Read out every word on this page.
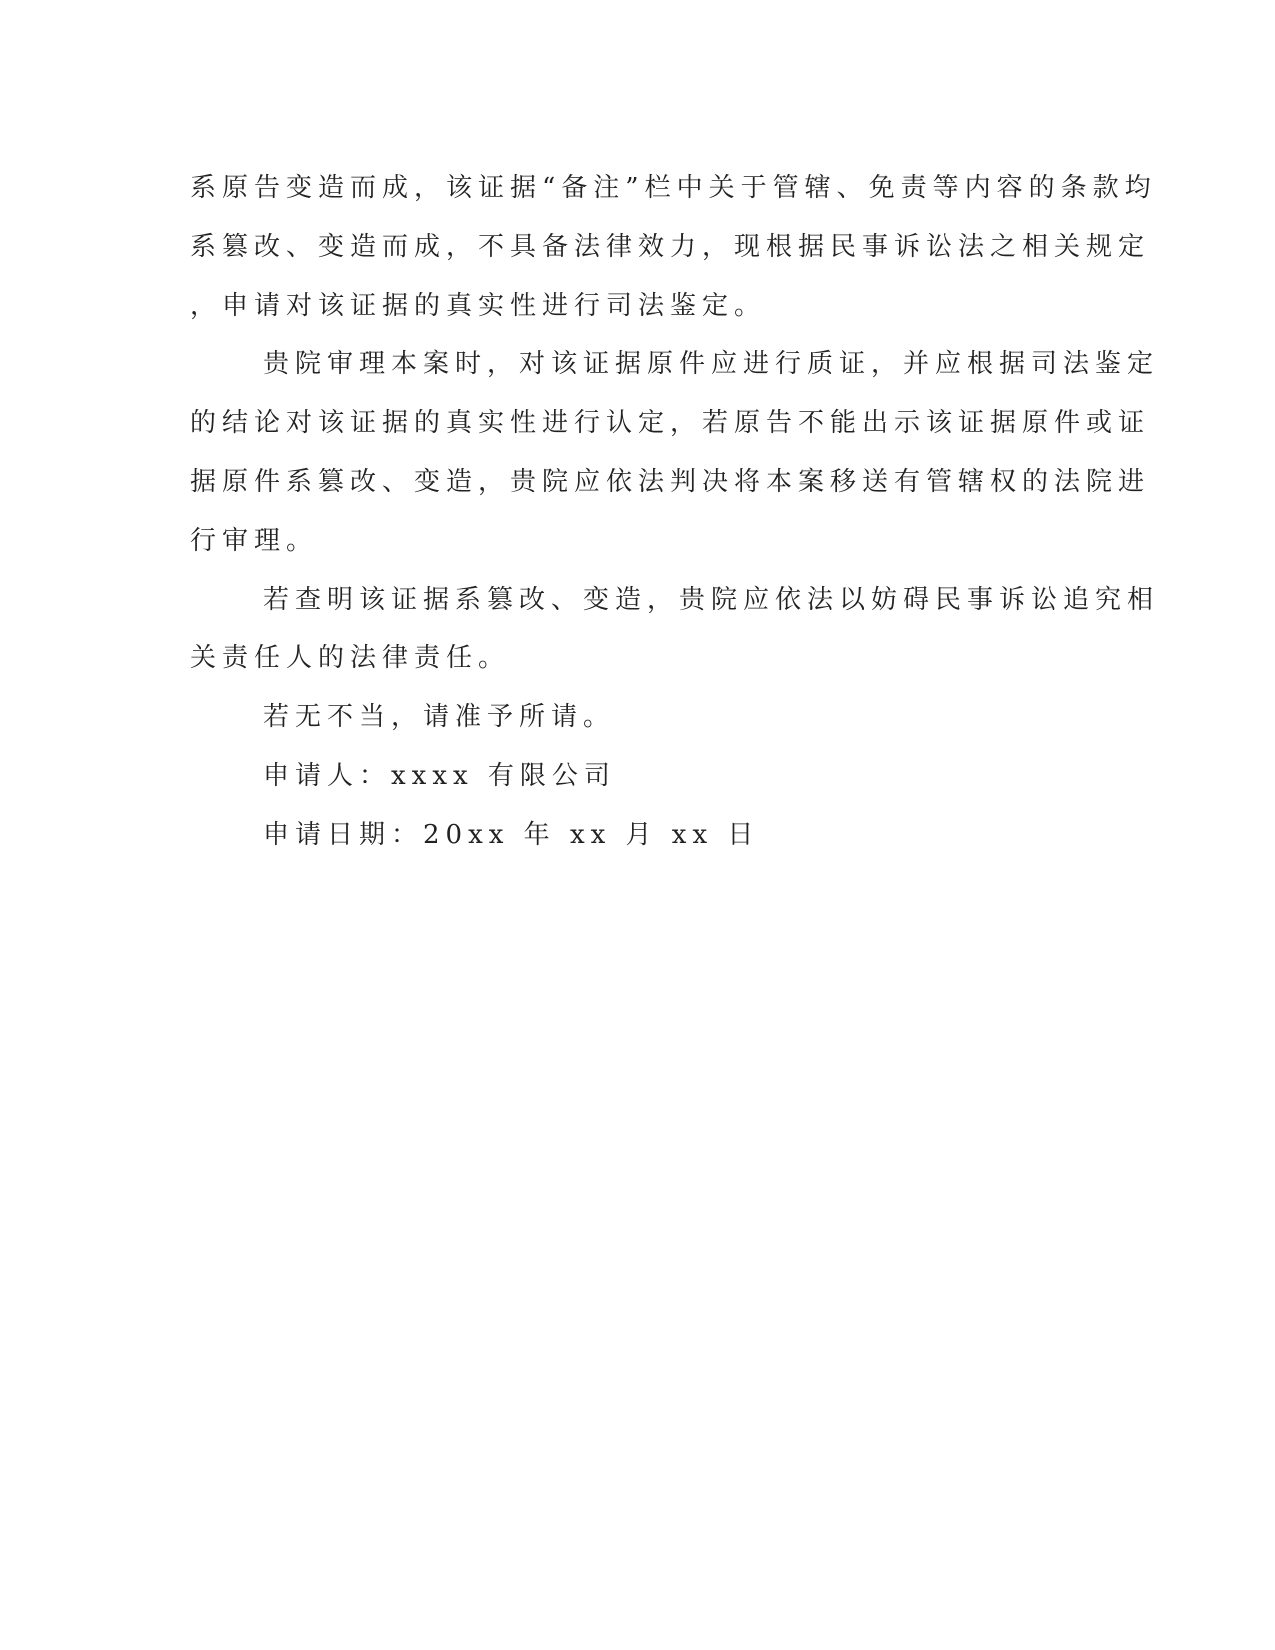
系原告变造而成，该证据“备注”栏中关于管辖、免责等内容的条款均
系篡改、变造而成，不具备法律效力，现根据民事诉讼法之相关规定
，申请对该证据的真实性进行司法鉴定。
贵院审理本案时，对该证据原件应进行质证，并应根据司法鉴定
的结论对该证据的真实性进行认定，若原告不能出示该证据原件或证
据原件系篡改、变造，贵院应依法判决将本案移送有管辖权的法院进
行审理。
若查明该证据系篡改、变造，贵院应依法以妨碍民事诉讼追究相
关责任人的法律责任。
若无不当，请准予所请。
申请人：xxxx 有限公司
申请日期：20xx 年 xx 月 xx 日
